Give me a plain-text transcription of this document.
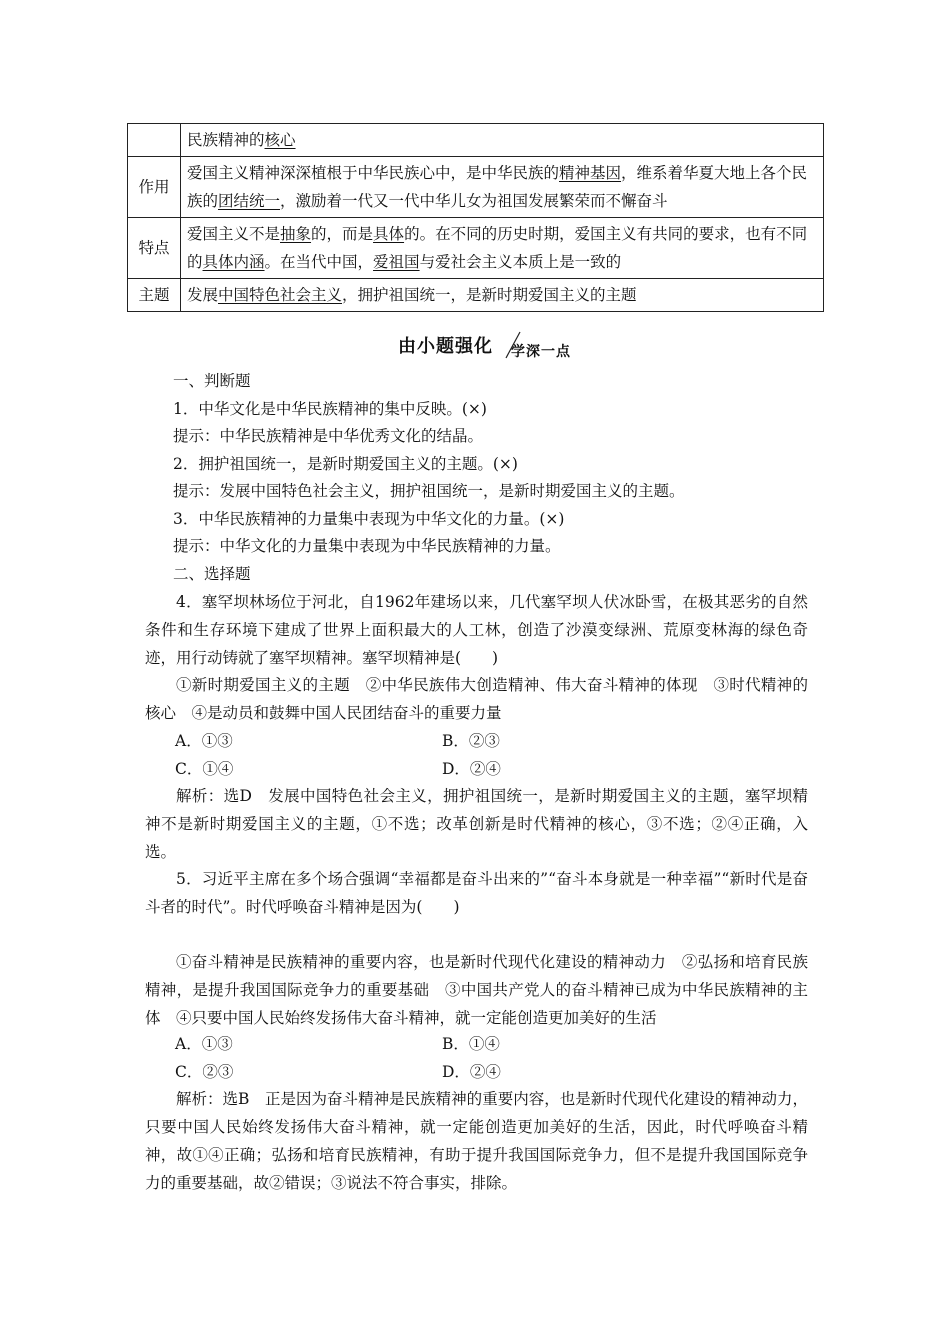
	民族精神的核心
作用	爱国主义精神深深植根于中华民族心中，是中华民族的精神基因，维系着华夏大地上各个民族的团结统一，激励着一代又一代中华儿女为祖国发展繁荣而不懈奋斗
特点	爱国主义不是抽象的，而是具体的。在不同的历史时期，爱国主义有共同的要求，也有不同的具体内涵。在当代中国，爱祖国与爱社会主义本质上是一致的
主题	发展中国特色社会主义，拥护祖国统一，是新时期爱国主义的主题
由小题强化 学深一点
一、判断题
1．中华文化是中华民族精神的集中反映。(×)
提示：中华民族精神是中华优秀文化的结晶。
2．拥护祖国统一，是新时期爱国主义的主题。(×)
提示：发展中国特色社会主义，拥护祖国统一，是新时期爱国主义的主题。
3．中华民族精神的力量集中表现为中华文化的力量。(×)
提示：中华文化的力量集中表现为中华民族精神的力量。
二、选择题
4．塞罕坝林场位于河北，自1962年建场以来，几代塞罕坝人伏冰卧雪，在极其恶劣的自然条件和生存环境下建成了世界上面积最大的人工林，创造了沙漠变绿洲、荒原变林海的绿色奇迹，用行动铸就了塞罕坝精神。塞罕坝精神是(　　)
①新时期爱国主义的主题　②中华民族伟大创造精神、伟大奋斗精神的体现　③时代精神的核心　④是动员和鼓舞中国人民团结奋斗的重要力量
A．①③	B．②③
C．①④	D．②④
解析：选D　发展中国特色社会主义，拥护祖国统一，是新时期爱国主义的主题，塞罕坝精神不是新时期爱国主义的主题，①不选；改革创新是时代精神的核心，③不选；②④正确，入选。
5．习近平主席在多个场合强调“幸福都是奋斗出来的”“奋斗本身就是一种幸福”“新时代是奋斗者的时代”。时代呼唤奋斗精神是因为(　　)
①奋斗精神是民族精神的重要内容，也是新时代现代化建设的精神动力　②弘扬和培育民族精神，是提升我国国际竞争力的重要基础　③中国共产党人的奋斗精神已成为中华民族精神的主体　④只要中国人民始终发扬伟大奋斗精神，就一定能创造更加美好的生活
A．①③	B．①④
C．②③	D．②④
解析：选B　正是因为奋斗精神是民族精神的重要内容，也是新时代现代化建设的精神动力，只要中国人民始终发扬伟大奋斗精神，就一定能创造更加美好的生活，因此，时代呼唤奋斗精神，故①④正确；弘扬和培育民族精神，有助于提升我国国际竞争力，但不是提升我国国际竞争力的重要基础，故②错误；③说法不符合事实，排除。
